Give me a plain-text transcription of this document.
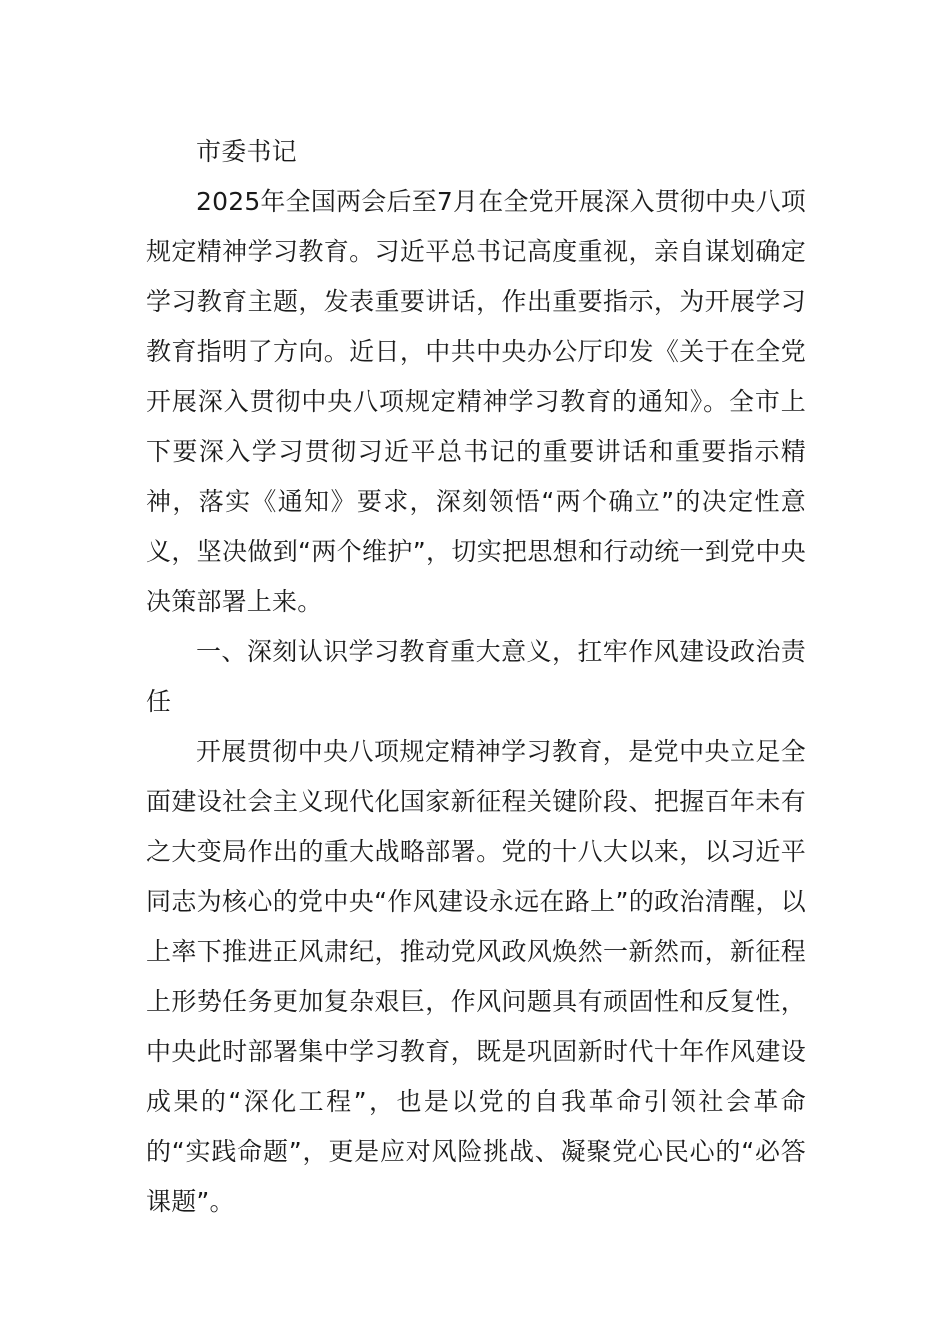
市委书记

2025年全国两会后至7月在全党开展深入贯彻中央八项规定精神学习教育。习近平总书记高度重视，亲自谋划确定学习教育主题，发表重要讲话，作出重要指示，为开展学习教育指明了方向。近日，中共中央办公厅印发《关于在全党开展深入贯彻中央八项规定精神学习教育的通知》。全市上下要深入学习贯彻习近平总书记的重要讲话和重要指示精神，落实《通知》要求，深刻领悟“两个确立”的决定性意义，坚决做到“两个维护”，切实把思想和行动统一到党中央决策部署上来。

一、深刻认识学习教育重大意义，扛牢作风建设政治责任

开展贯彻中央八项规定精神学习教育，是党中央立足全面建设社会主义现代化国家新征程关键阶段、把握百年未有之大变局作出的重大战略部署。党的十八大以来，以习近平同志为核心的党中央“作风建设永远在路上”的政治清醒，以上率下推进正风肃纪，推动党风政风焕然一新然而，新征程上形势任务更加复杂艰巨，作风问题具有顽固性和反复性，中央此时部署集中学习教育，既是巩固新时代十年作风建设成果的“深化工程”，也是以党的自我革命引领社会革命的“实践命题”，更是应对风险挑战、凝聚党心民心的“必答课题”。
